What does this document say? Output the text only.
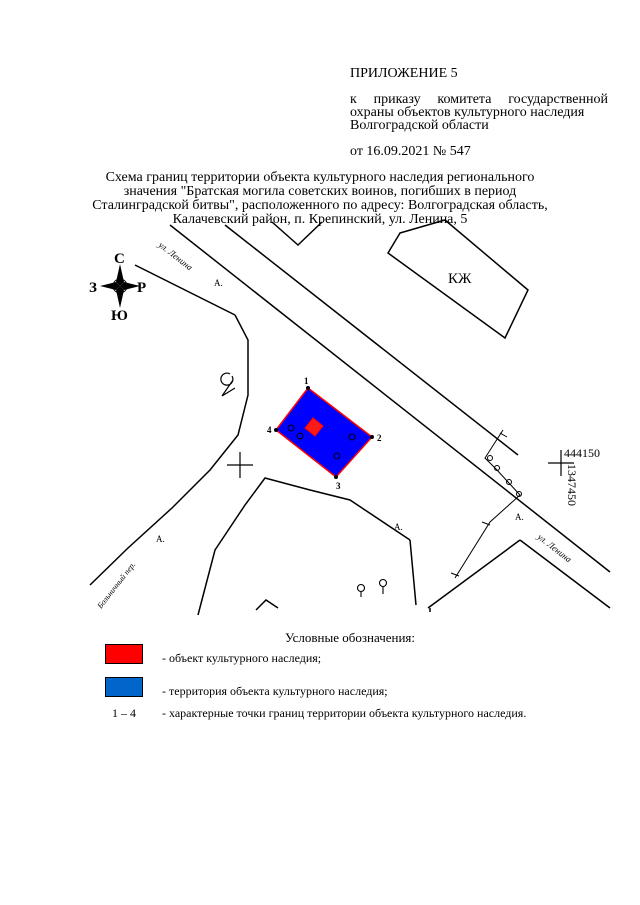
ПРИЛОЖЕНИЕ 5
к приказу комитета государственной
охраны объектов культурного наследия
Волгоградской области
от 16.09.2021 № 547
Схема границ территории объекта культурного наследия регионального
значения "Братская могила советских воинов, погибших в период
Сталинградской битвы", расположенного по адресу: Волгоградская область,
Калачевский район, п. Крепинский, ул. Ленина, 5
КЖ
444150
1347450
А.
А.
А.
А.
ул. Ленина
ул. Ленина
Больничный пер.
С
Ю
З	Р
1
2
3
4
Условные обозначения:
- объект культурного наследия;
- территория объекта культурного наследия;
1 – 4	- характерные точки границ территории объекта культурного наследия.
